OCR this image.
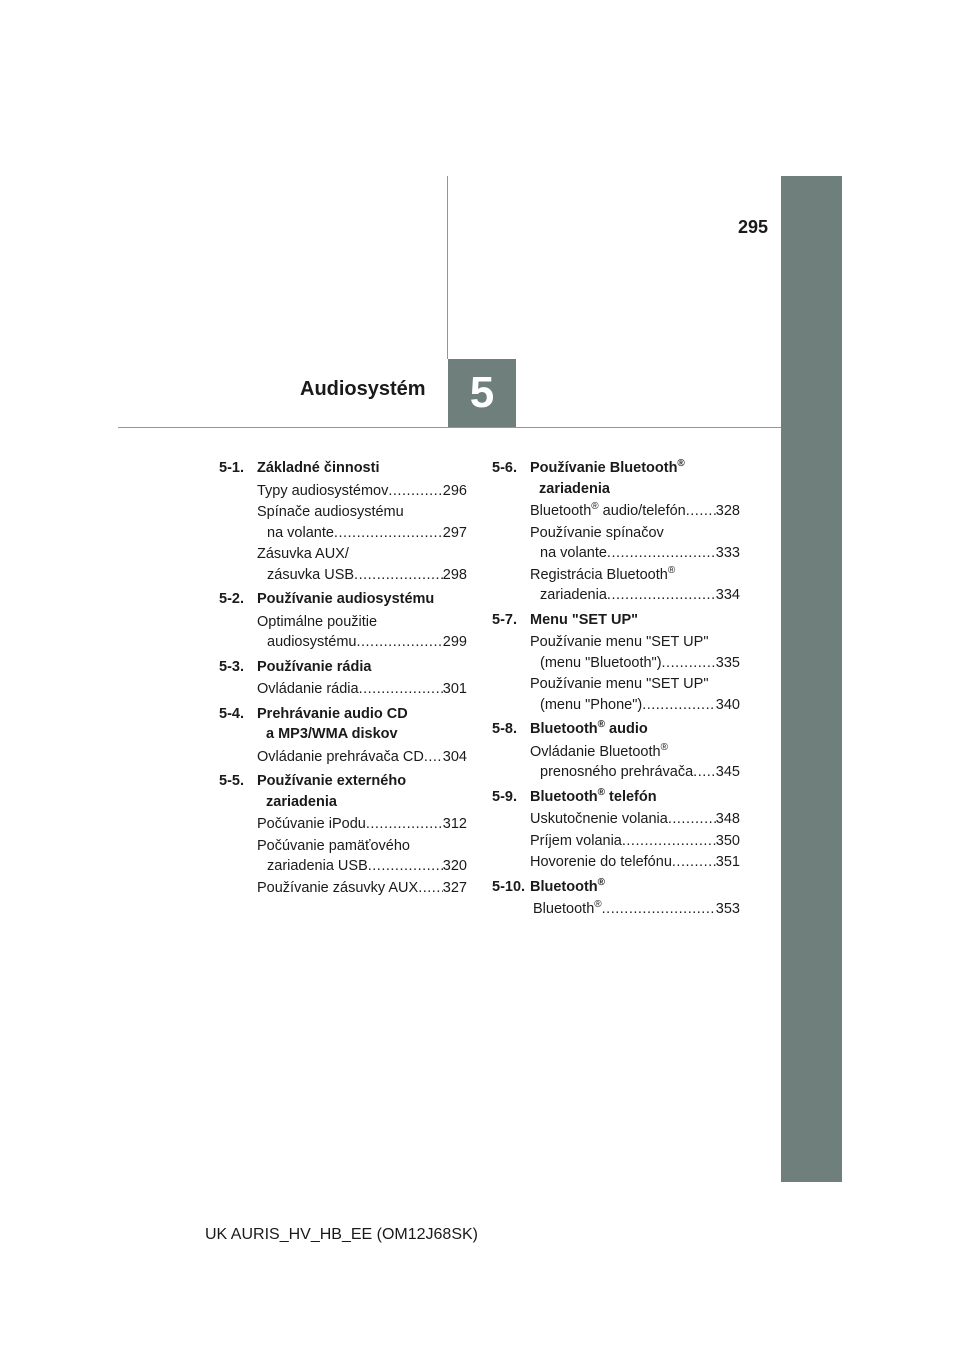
295
Audiosystém 5
5-1. Základné činnosti
Typy audiosystémov .....	296
Spínače audiosystému
na volante .....	297
Zásuvka AUX/
zásuvka USB .....	298
5-2. Používanie audiosystému
Optimálne použitie
audiosystému .....	299
5-3. Používanie rádia
Ovládanie rádia .....	301
5-4. Prehrávanie audio CD
a MP3/WMA diskov
Ovládanie prehrávača CD ..... 304
5-5. Používanie externého
zariadenia
Počúvanie iPodu .....	312
Počúvanie pamäťového
zariadenia USB .....	320
Používanie zásuvky AUX ..... 327
5-6. Používanie Bluetooth®
zariadenia
Bluetooth® audio/telefón ..... 328
Používanie spínačov
na volante .....	333
Registrácia Bluetooth®
zariadenia .....	334
5-7. Menu "SET UP"
Používanie menu "SET UP"
(menu "Bluetooth") .....	335
Používanie menu "SET UP"
(menu "Phone") .....	340
5-8. Bluetooth® audio
Ovládanie Bluetooth®
prenosného prehrávača ..... 345
5-9. Bluetooth® telefón
Uskutočnenie volania .....	348
Príjem volania .....	350
Hovorenie do telefónu .....	351
5-10. Bluetooth®
Bluetooth® .....	353
UK AURIS_HV_HB_EE (OM12J68SK)
